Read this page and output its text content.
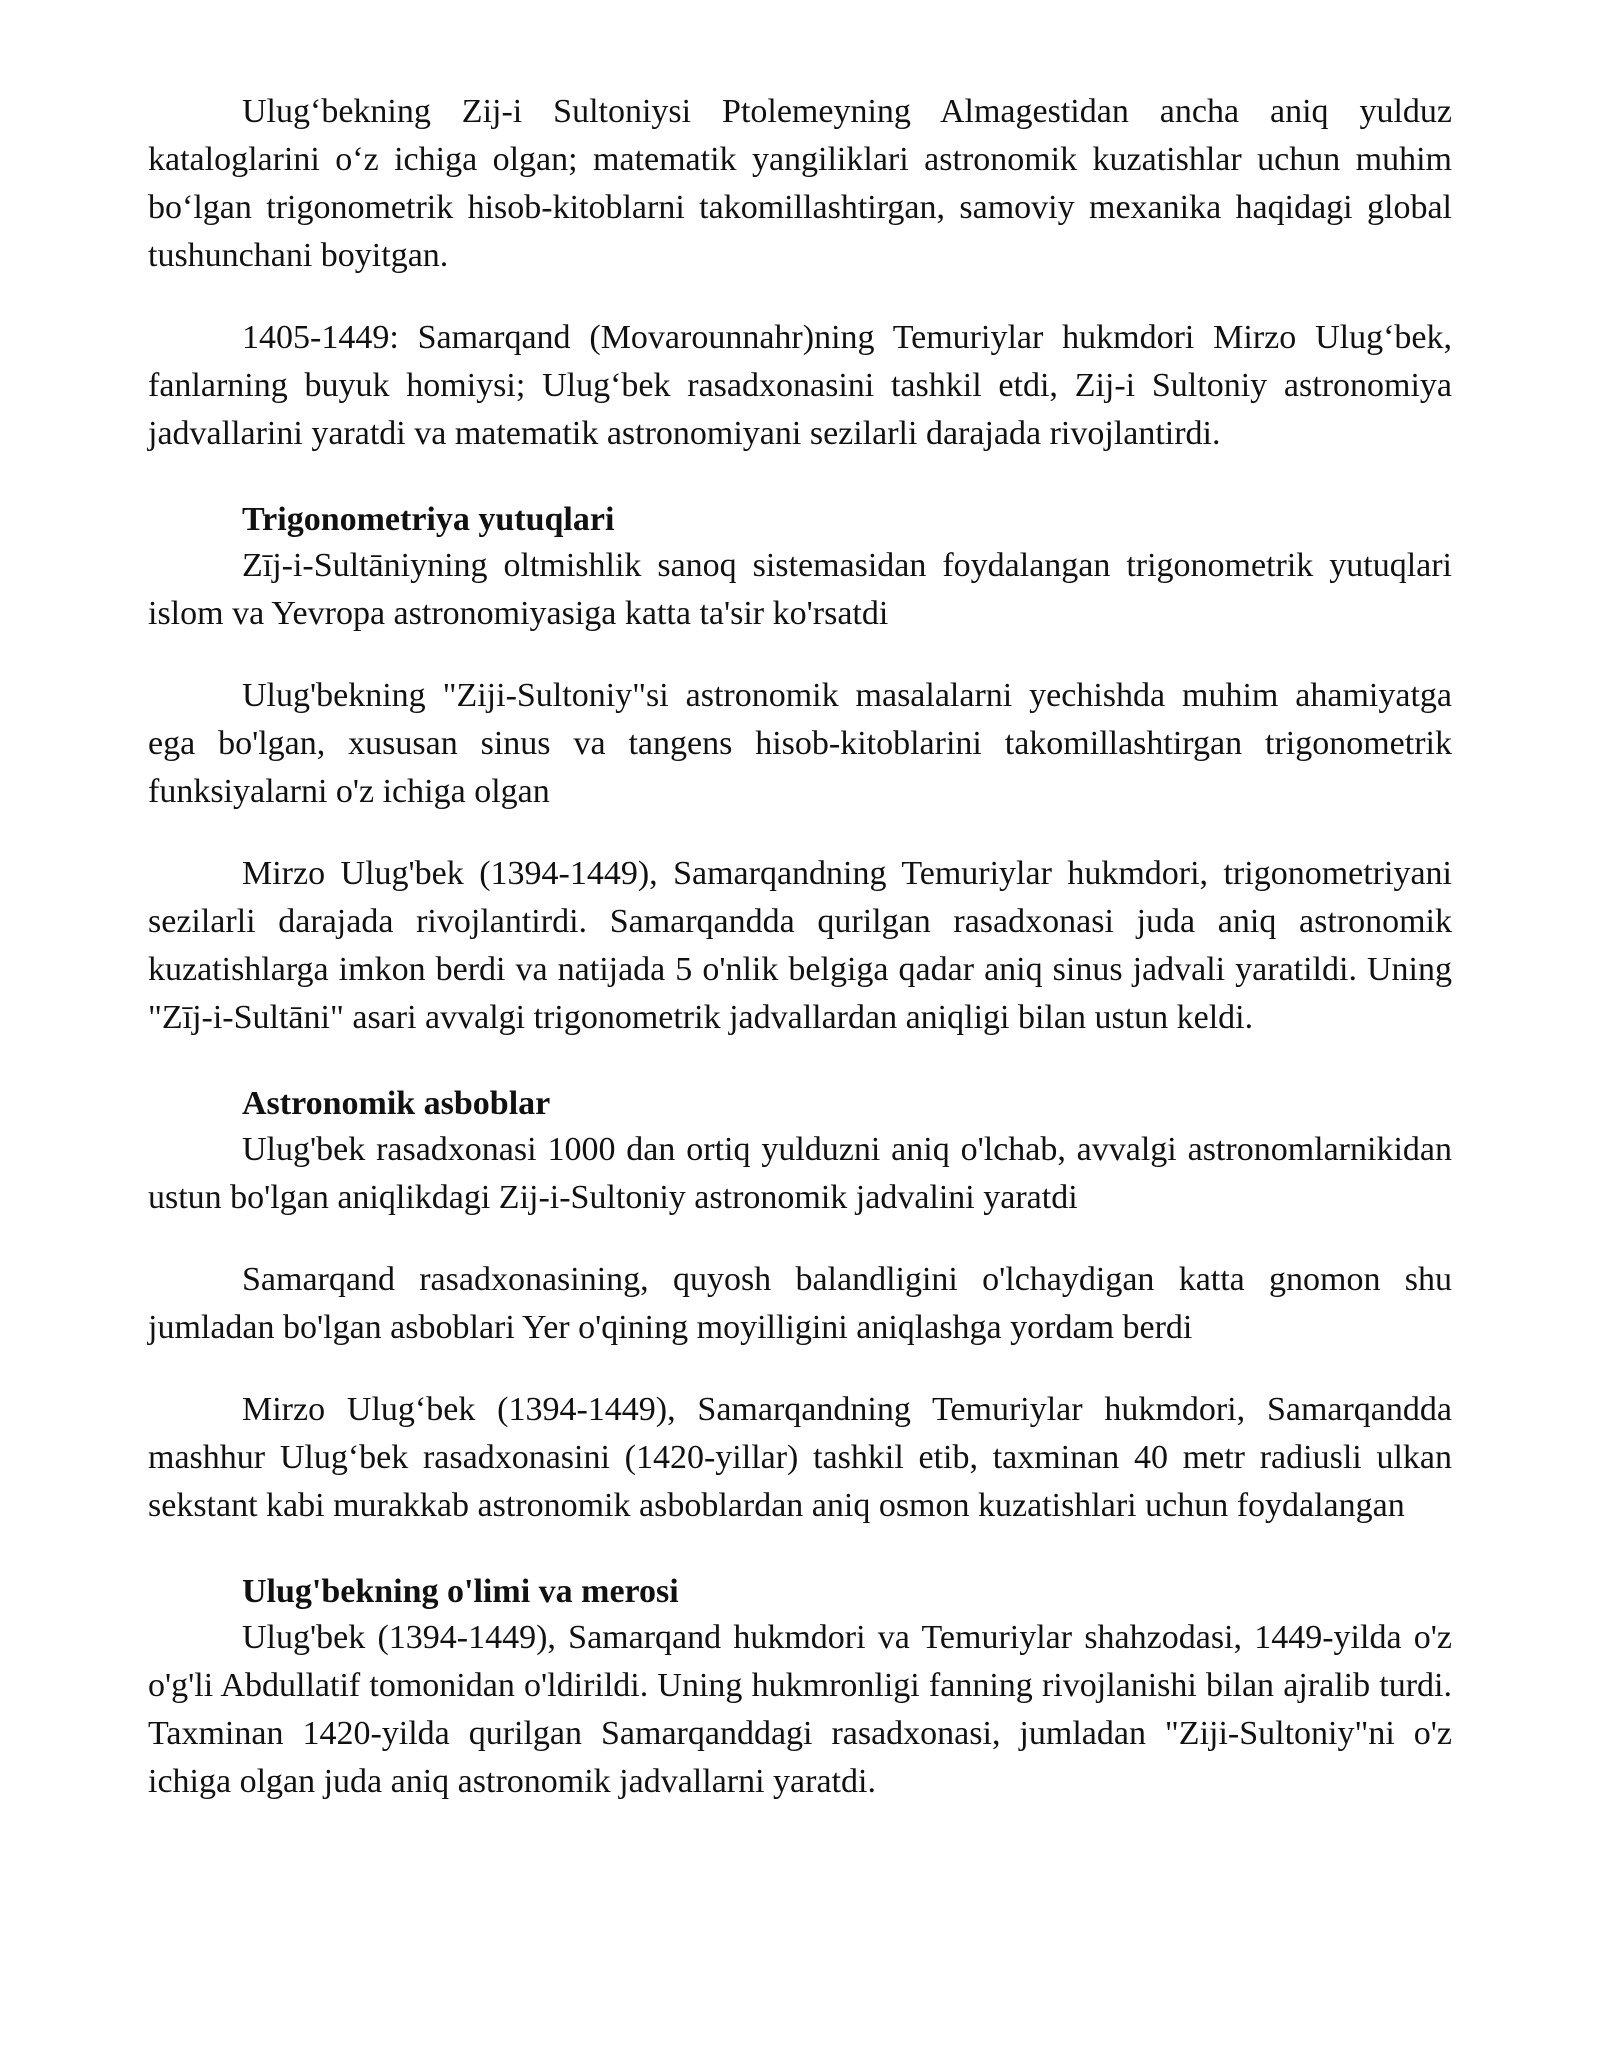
Ulug‘bekning Zij-i Sultoniysi Ptolemeyning Almagestidan ancha aniq yulduz kataloglarini o‘z ichiga olgan; matematik yangiliklari astronomik kuzatishlar uchun muhim bo‘lgan trigonometrik hisob-kitoblarni takomillashtirgan, samoviy mexanika haqidagi global tushunchani boyitgan.

1405-1449: Samarqand (Movarounnahr)ning Temuriylar hukmdori Mirzo Ulug‘bek, fanlarning buyuk homiysi; Ulug‘bek rasadxonasini tashkil etdi, Zij-i Sultoniy astronomiya jadvallarini yaratdi va matematik astronomiyani sezilarli darajada rivojlantirdi.

Trigonometriya yutuqlari

Zīj-i-Sultāniyning oltmishlik sanoq sistemasidan foydalangan trigonometrik yutuqlari islom va Yevropa astronomiyasiga katta ta'sir ko'rsatdi

Ulug'bekning "Ziji-Sultoniy"si astronomik masalalarni yechishda muhim ahamiyatga ega bo'lgan, xususan sinus va tangens hisob-kitoblarini takomillashtirgan trigonometrik funksiyalarni o'z ichiga olgan

Mirzo Ulug'bek (1394-1449), Samarqandning Temuriylar hukmdori, trigonometriyani sezilarli darajada rivojlantirdi. Samarqandda qurilgan rasadxonasi juda aniq astronomik kuzatishlarga imkon berdi va natijada 5 o'nlik belgiga qadar aniq sinus jadvali yaratildi. Uning "Zīj-i-Sultāni" asari avvalgi trigonometrik jadvallardan aniqligi bilan ustun keldi.

Astronomik asboblar

Ulug'bek rasadxonasi 1000 dan ortiq yulduzni aniq o'lchab, avvalgi astronomlarnikidan ustun bo'lgan aniqlikdagi Zij-i-Sultoniy astronomik jadvalini yaratdi

Samarqand rasadxonasining, quyosh balandligini o'lchaydigan katta gnomon shu jumladan bo'lgan asboblari Yer o'qining moyilligini aniqlashga yordam berdi

Mirzo Ulug‘bek (1394-1449), Samarqandning Temuriylar hukmdori, Samarqandda mashhur Ulug‘bek rasadxonasini (1420-yillar) tashkil etib, taxminan 40 metr radiusli ulkan sekstant kabi murakkab astronomik asboblardan aniq osmon kuzatishlari uchun foydalangan

Ulug'bekning o'limi va merosi

Ulug'bek (1394-1449), Samarqand hukmdori va Temuriylar shahzodasi, 1449-yilda o'z o'g'li Abdullatif tomonidan o'ldirildi. Uning hukmronligi fanning rivojlanishi bilan ajralib turdi. Taxminan 1420-yilda qurilgan Samarqanddagi rasadxonasi, jumladan "Ziji-Sultoniy"ni o'z ichiga olgan juda aniq astronomik jadvallarni yaratdi.
